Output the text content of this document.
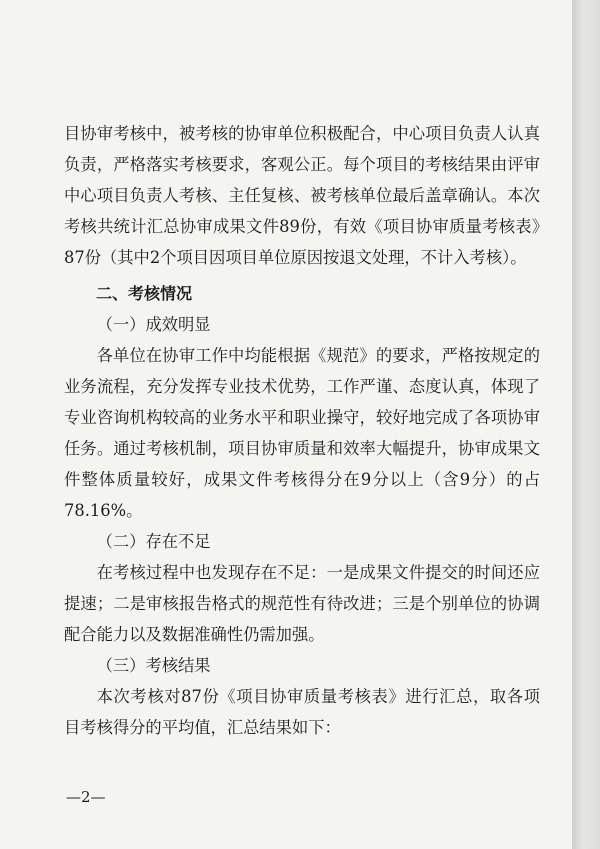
目协审考核中，被考核的协审单位积极配合，中心项目负责人认真负责，严格落实考核要求，客观公正。每个项目的考核结果由评审中心项目负责人考核、主任复核、被考核单位最后盖章确认。本次考核共统计汇总协审成果文件89份，有效《项目协审质量考核表》87份（其中2个项目因项目单位原因按退文处理，不计入考核）。

二、考核情况

（一）成效明显

各单位在协审工作中均能根据《规范》的要求，严格按规定的业务流程，充分发挥专业技术优势，工作严谨、态度认真，体现了专业咨询机构较高的业务水平和职业操守，较好地完成了各项协审任务。通过考核机制，项目协审质量和效率大幅提升，协审成果文件整体质量较好，成果文件考核得分在9分以上（含9分）的占78.16%。

（二）存在不足

在考核过程中也发现存在不足：一是成果文件提交的时间还应提速；二是审核报告格式的规范性有待改进；三是个别单位的协调配合能力以及数据准确性仍需加强。

（三）考核结果

本次考核对87份《项目协审质量考核表》进行汇总，取各项目考核得分的平均值，汇总结果如下：

—2—
